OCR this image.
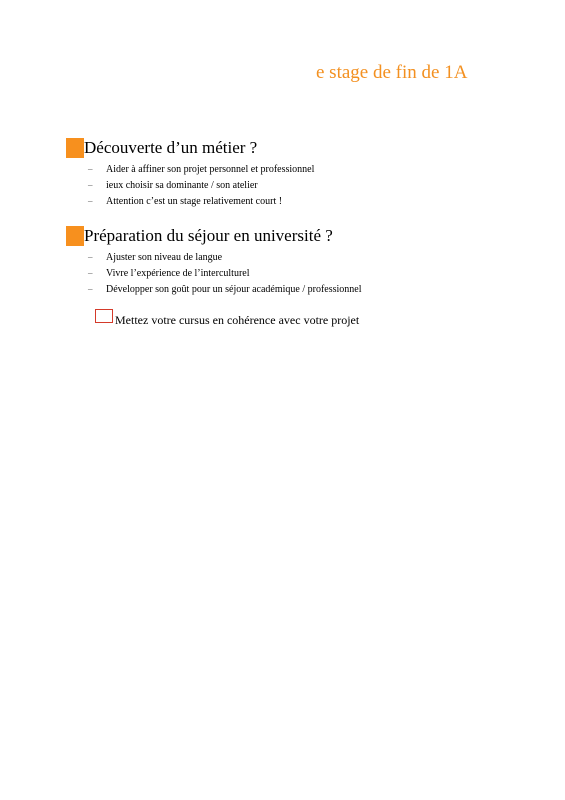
e stage de fin de 1A
Découverte d’un métier ?
–	Aider à affiner son projet personnel et professionnel
–	ieux choisir sa dominante / son atelier
–	Attention c’est un stage relativement court !
Préparation du séjour en université ?
–	Ajuster son niveau de langue
–	Vivre l’expérience de l’interculturel
–	Développer son goût pour un séjour académique / professionnel
Mettez votre cursus en cohérence avec votre projet
